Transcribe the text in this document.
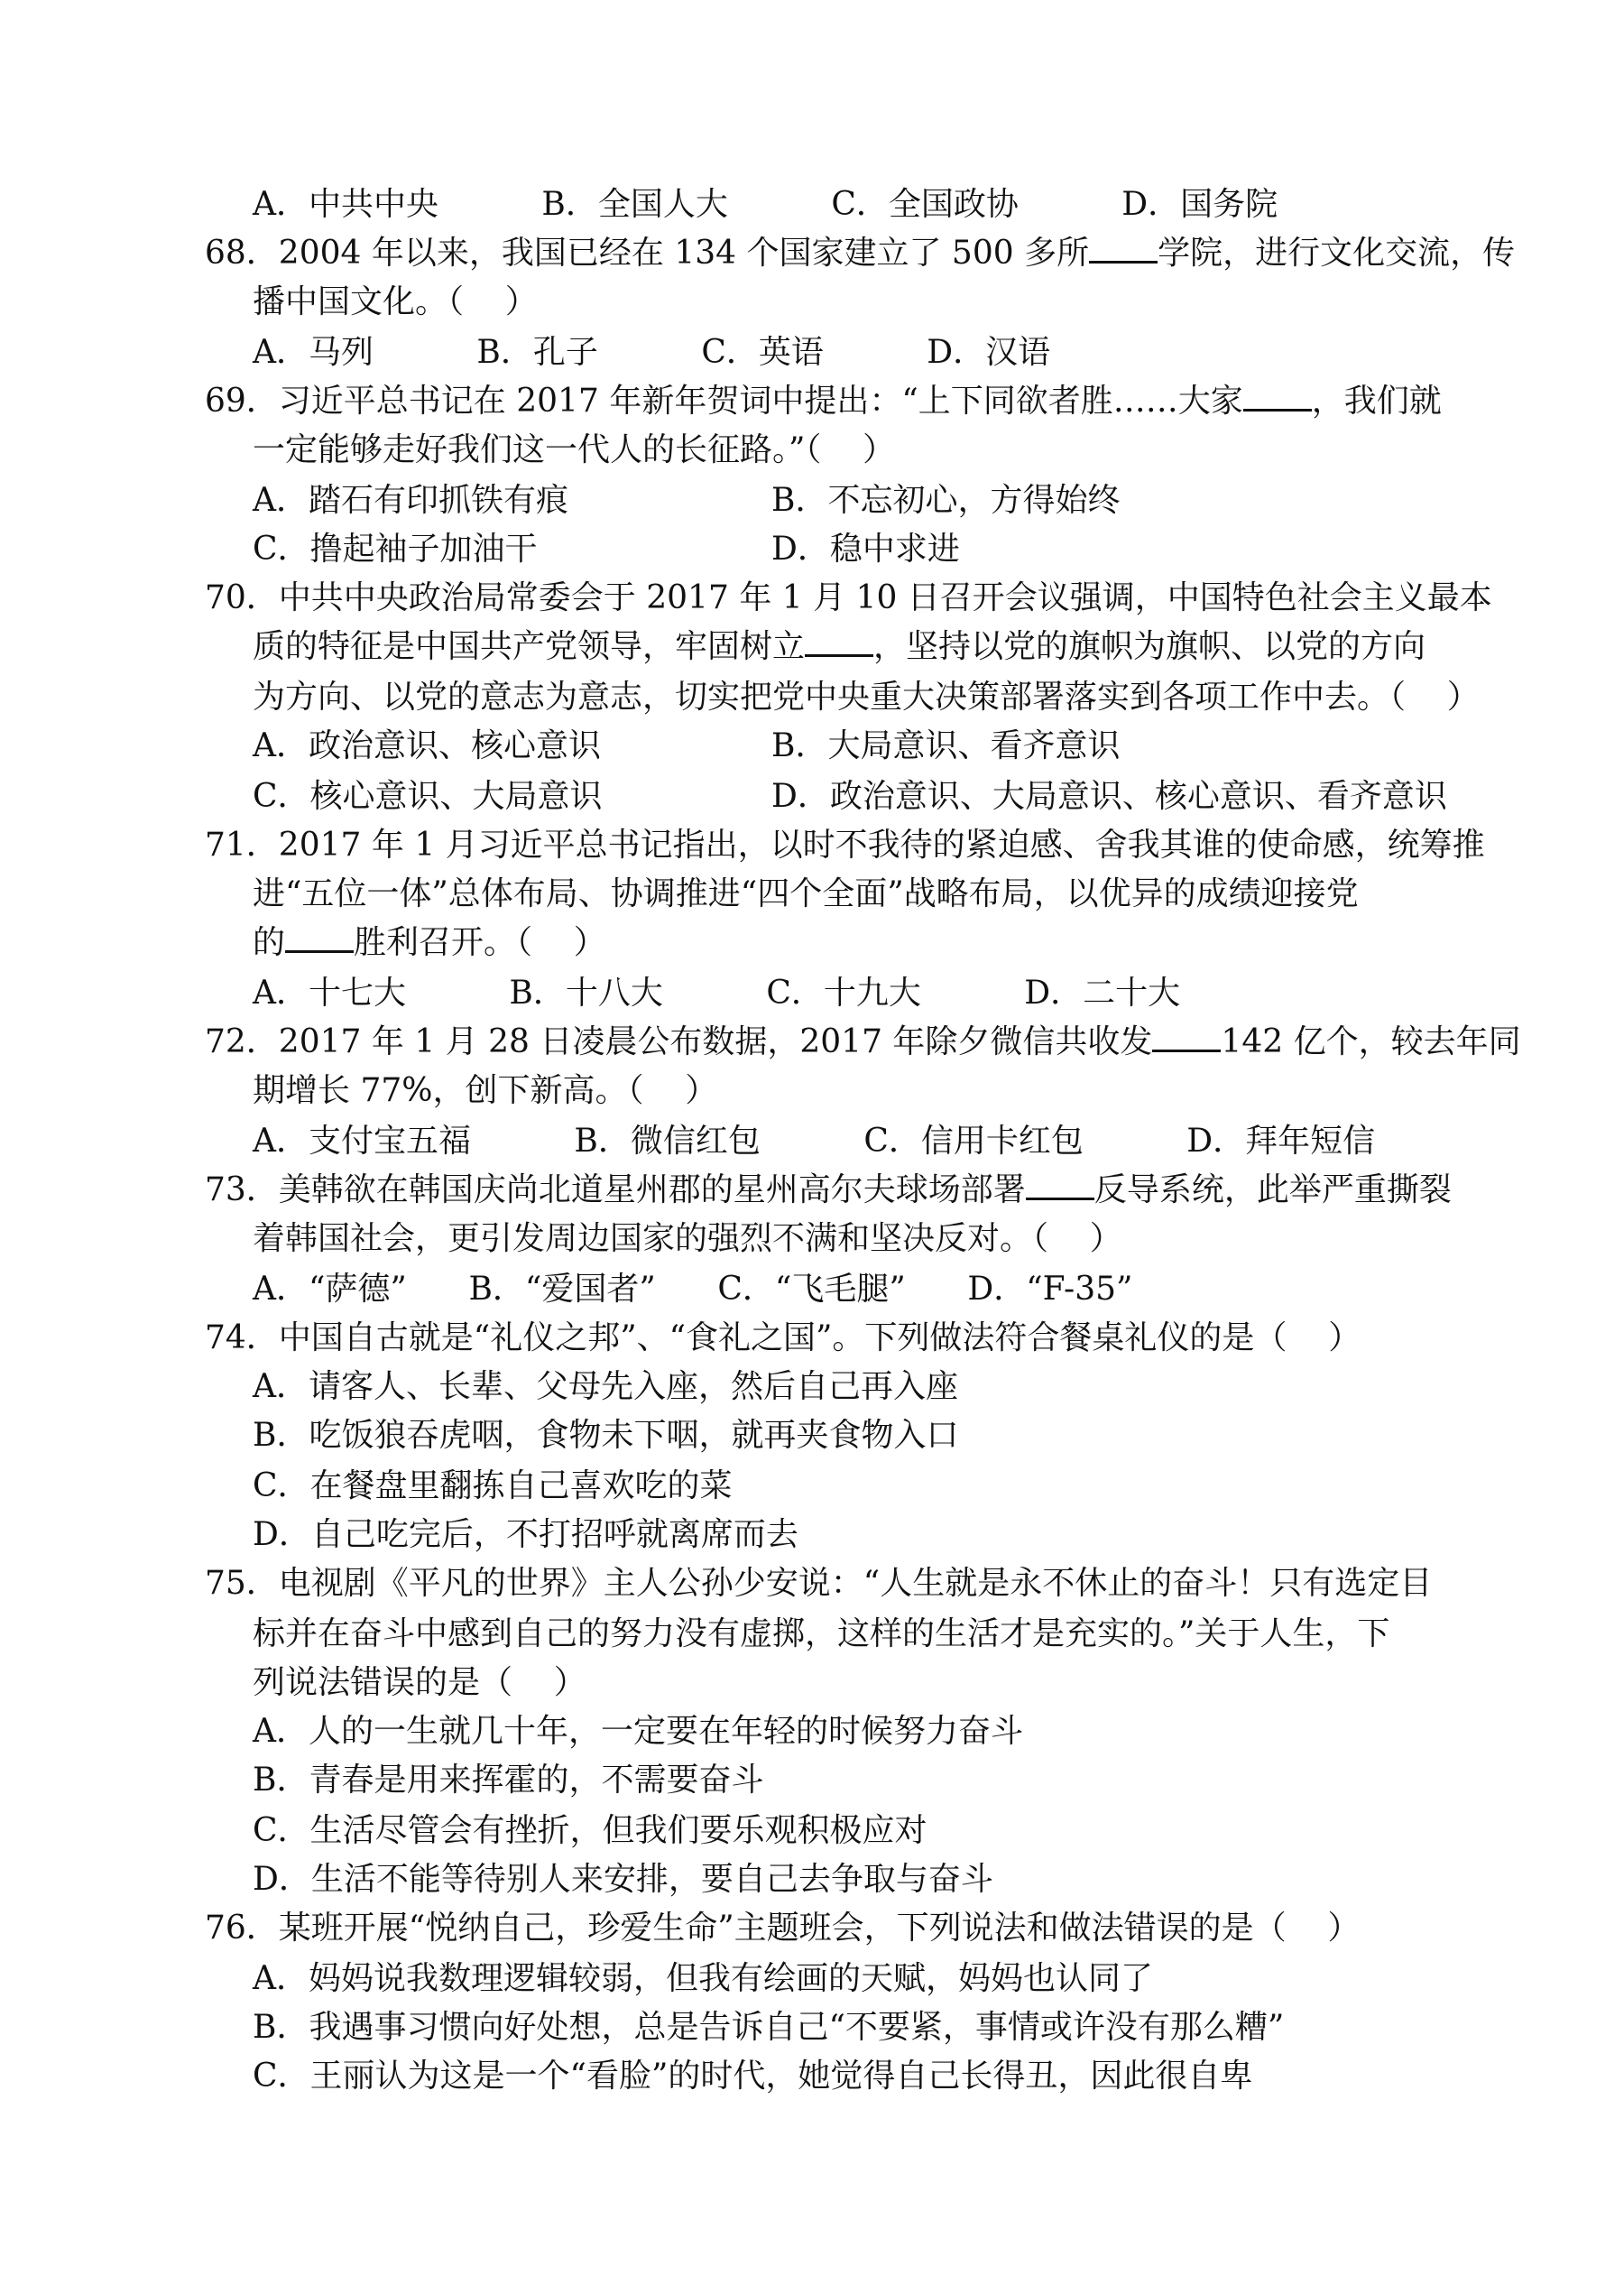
A．中共中央          B．全国人大          C．全国政协          D．国务院
68．2004 年以来，我国已经在 134 个国家建立了 500 多所 学院，进行文化交流，传
播中国文化。（    ）
A．马列          B．孔子          C．英语          D．汉语
69．习近平总书记在 2017 年新年贺词中提出：“上下同欲者胜……大家 ，我们就
一定能够走好我们这一代人的长征路。”（    ）
A．踏石有印抓铁有痕	B．不忘初心，方得始终
C．撸起袖子加油干	D．稳中求进
70．中共中央政治局常委会于 2017 年 1 月 10 日召开会议强调，中国特色社会主义最本
质的特征是中国共产党领导，牢固树立 ，坚持以党的旗帜为旗帜、以党的方向
为方向、以党的意志为意志，切实把党中央重大决策部署落实到各项工作中去。（    ）
A．政治意识、核心意识	B．大局意识、看齐意识
C．核心意识、大局意识	D．政治意识、大局意识、核心意识、看齐意识
71．2017 年 1 月习近平总书记指出，以时不我待的紧迫感、舍我其谁的使命感，统筹推
进“五位一体”总体布局、协调推进“四个全面”战略布局，以优异的成绩迎接党
的 胜利召开。（    ）
A．十七大          B．十八大          C．十九大          D．二十大
72．2017 年 1 月 28 日凌晨公布数据，2017 年除夕微信共收发 142 亿个，较去年同
期增长 77%，创下新高。（    ）
A．支付宝五福          B．微信红包          C．信用卡红包          D．拜年短信
73．美韩欲在韩国庆尚北道星州郡的星州高尔夫球场部署 反导系统，此举严重撕裂
着韩国社会，更引发周边国家的强烈不满和坚决反对。（    ）
A．“萨德”      B．“爱国者”      C．“飞毛腿”      D．“F-35”
74．中国自古就是“礼仪之邦”、“食礼之国”。下列做法符合餐桌礼仪的是（    ）
A．请客人、长辈、父母先入座，然后自己再入座
B．吃饭狼吞虎咽，食物未下咽，就再夹食物入口
C．在餐盘里翻拣自己喜欢吃的菜
D．自己吃完后，不打招呼就离席而去
75．电视剧《平凡的世界》主人公孙少安说：“人生就是永不休止的奋斗！只有选定目
标并在奋斗中感到自己的努力没有虚掷，这样的生活才是充实的。”关于人生，下
列说法错误的是（    ）
A．人的一生就几十年，一定要在年轻的时候努力奋斗
B．青春是用来挥霍的，不需要奋斗
C．生活尽管会有挫折，但我们要乐观积极应对
D．生活不能等待别人来安排，要自己去争取与奋斗
76．某班开展“悦纳自己，珍爱生命”主题班会，下列说法和做法错误的是（    ）
A．妈妈说我数理逻辑较弱，但我有绘画的天赋，妈妈也认同了
B．我遇事习惯向好处想，总是告诉自己“不要紧，事情或许没有那么糟”
C．王丽认为这是一个“看脸”的时代，她觉得自己长得丑，因此很自卑
